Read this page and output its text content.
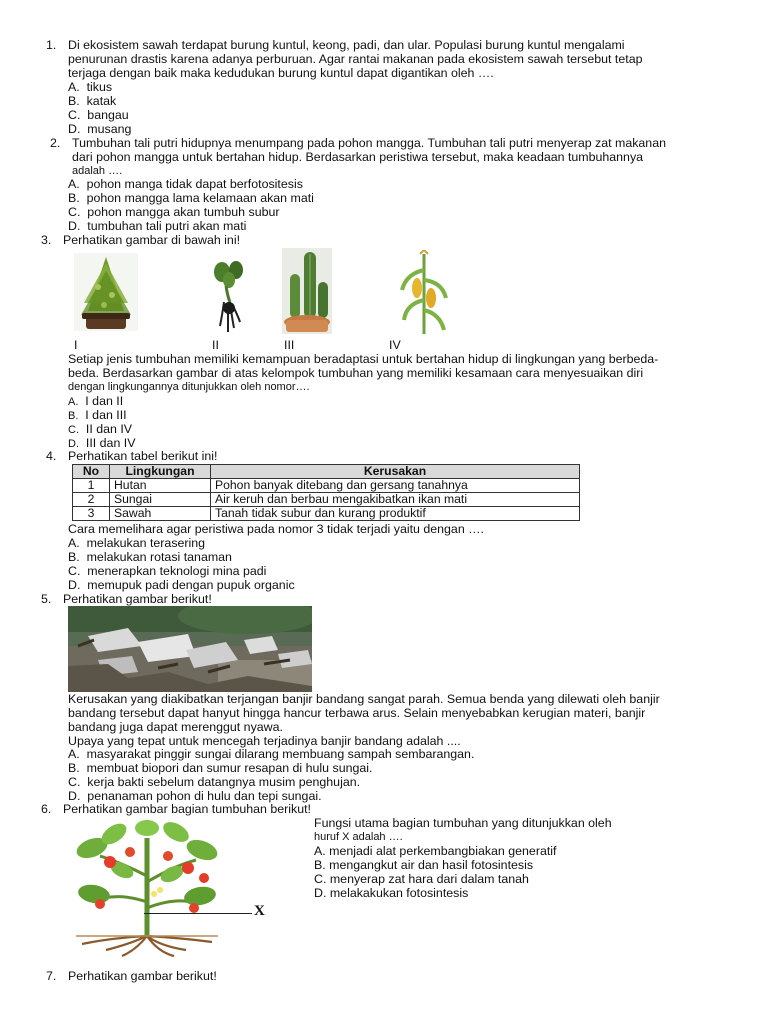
1. Di ekosistem sawah terdapat burung kuntul, keong, padi, dan ular. Populasi burung kuntul mengalami
penurunan drastis karena adanya perburuan. Agar rantai makanan pada ekosistem sawah tersebut tetap
terjaga dengan baik maka kedudukan burung kuntul dapat digantikan oleh ….
A. tikus
B. katak
C. bangau
D. musang
2. Tumbuhan tali putri hidupnya menumpang pada pohon mangga. Tumbuhan tali putri menyerap zat makanan
dari pohon mangga untuk bertahan hidup. Berdasarkan peristiwa tersebut, maka keadaan tumbuhannya
adalah ….
A. pohon manga tidak dapat berfotositesis
B. pohon mangga lama kelamaan akan mati
C. pohon mangga akan tumbuh subur
D. tumbuhan tali putri akan mati
3. Perhatikan gambar di bawah ini!
I	II	III	IV
Setiap jenis tumbuhan memiliki kemampuan beradaptasi untuk bertahan hidup di lingkungan yang berbeda-
beda. Berdasarkan gambar di atas kelompok tumbuhan yang memiliki kesamaan cara menyesuaikan diri
dengan lingkungannya ditunjukkan oleh nomor….
A. I dan II
B. I dan III
C. II dan IV
D. III dan IV
4. Perhatikan tabel berikut ini!
No	Lingkungan	Kerusakan
1	Hutan	Pohon banyak ditebang dan gersang tanahnya
2	Sungai	Air keruh dan berbau mengakibatkan ikan mati
3	Sawah	Tanah tidak subur dan kurang produktif
Cara memelihara agar peristiwa pada nomor 3 tidak terjadi yaitu dengan ….
A. melakukan terasering
B. melakukan rotasi tanaman
C. menerapkan teknologi mina padi
D. memupuk padi dengan pupuk organic
5. Perhatikan gambar berikut!
Kerusakan yang diakibatkan terjangan banjir bandang sangat parah. Semua benda yang dilewati oleh banjir
bandang tersebut dapat hanyut hingga hancur terbawa arus. Selain menyebabkan kerugian materi, banjir
bandang juga dapat merenggut nyawa.
Upaya yang tepat untuk mencegah terjadinya banjir bandang adalah ....
A. masyarakat pinggir sungai dilarang membuang sampah sembarangan.
B. membuat biopori dan sumur resapan di hulu sungai.
C. kerja bakti sebelum datangnya musim penghujan.
D. penanaman pohon di hulu dan tepi sungai.
6. Perhatikan gambar bagian tumbuhan berikut!
X
Fungsi utama bagian tumbuhan yang ditunjukkan oleh
huruf X adalah ….
A. menjadi alat perkembangbiakan generatif
B. mengangkut air dan hasil fotosintesis
C. menyerap zat hara dari dalam tanah
D. melakakukan fotosintesis
7. Perhatikan gambar berikut!
